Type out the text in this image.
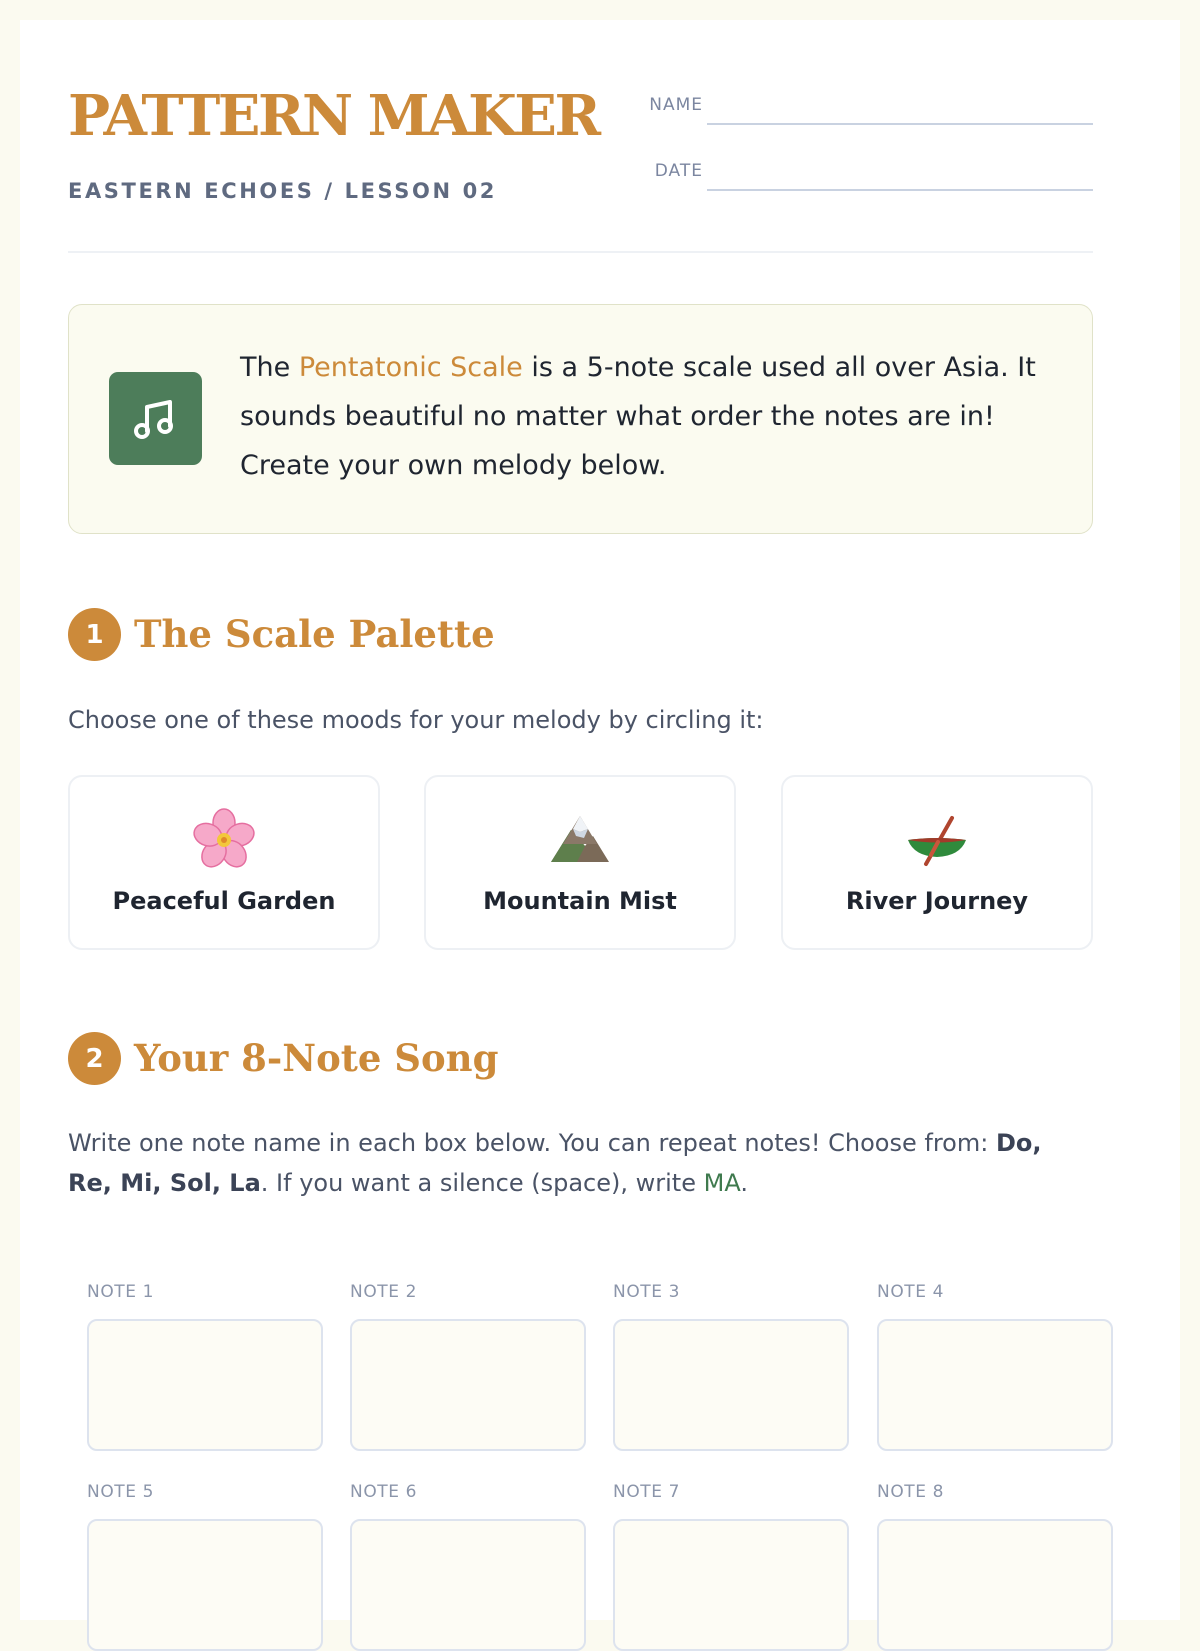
PATTERN MAKER
EASTERN ECHOES / LESSON 02
NAME
DATE
The Pentatonic Scale is a 5-note scale used all over Asia. It sounds beautiful no matter what order the notes are in! Create your own melody below.
1 The Scale Palette
Choose one of these moods for your melody by circling it:
Peaceful Garden	Mountain Mist	River Journey
2 Your 8-Note Song
Write one note name in each box below. You can repeat notes! Choose from: Do, Re, Mi, Sol, La. If you want a silence (space), write MA.
NOTE 1	NOTE 2	NOTE 3	NOTE 4
NOTE 5	NOTE 6	NOTE 7	NOTE 8
